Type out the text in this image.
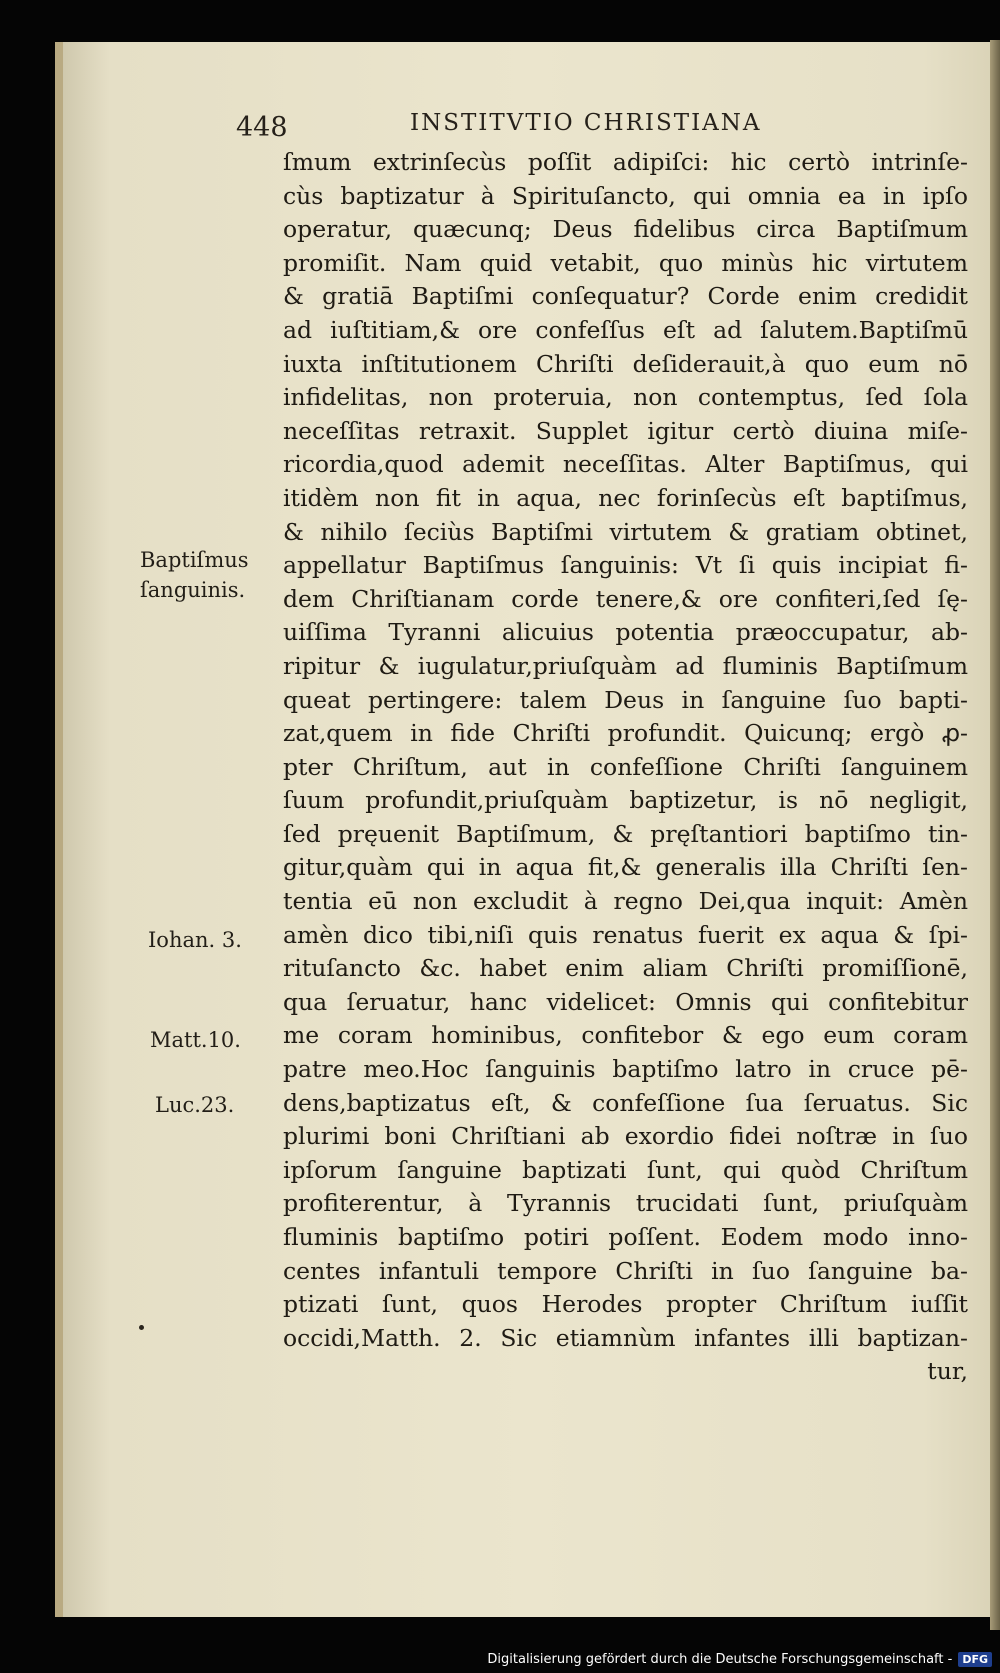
448	INSTITVTIO CHRISTIANA
ſmum extrinſecùs poſſit adipiſci: hic certò intrinſe-
cùs baptizatur à Spirituſancto, qui omnia ea in ipſo
operatur, quæcunq; Deus fidelibus circa Baptiſmum
promiſit. Nam quid vetabit, quo minùs hic virtutem
& gratiā Baptiſmi conſequatur? Corde enim credidit
ad iuſtitiam,& ore confeſſus eſt ad ſalutem.Baptiſmū
iuxta inſtitutionem Chriſti deſiderauit,à quo eum nō
infidelitas, non proteruia, non contemptus, ſed ſola
neceſſitas retraxit. Supplet igitur certò diuina miſe-
ricordia,quod ademit neceſſitas. Alter Baptiſmus, qui
itidèm non fit in aqua, nec forinſecùs eſt baptiſmus,
& nihilo ſeciùs Baptiſmi virtutem & gratiam obtinet,
appellatur Baptiſmus ſanguinis: Vt ſi quis incipiat fi-
dem Chriſtianam corde tenere,& ore confiteri,ſed ſę-
uiſſima Tyranni alicuius potentia præoccupatur, ab-
ripitur & iugulatur,priuſquàm ad fluminis Baptiſmum
queat pertingere: talem Deus in ſanguine ſuo bapti-
zat,quem in fide Chriſti profundit. Quicunq; ergò ꝓ-
pter Chriſtum, aut in confeſſione Chriſti ſanguinem
ſuum profundit,priuſquàm baptizetur, is nō negligit,
ſed pręuenit Baptiſmum, & pręſtantiori baptiſmo tin-
gitur,quàm qui in aqua fit,& generalis illa Chriſti ſen-
tentia eū non excludit à regno Dei,qua inquit: Amèn
amèn dico tibi,niſi quis renatus fuerit ex aqua & ſpi-
rituſancto &c. habet enim aliam Chriſti promiſſionē,
qua ſeruatur, hanc videlicet: Omnis qui confitebitur
me coram hominibus, confitebor & ego eum coram
patre meo.Hoc ſanguinis baptiſmo latro in cruce pē-
dens,baptizatus eſt, & confeſſione ſua ſeruatus. Sic
plurimi boni Chriſtiani ab exordio fidei noſtræ in ſuo
ipſorum ſanguine baptizati ſunt, qui quòd Chriſtum
profiterentur, à Tyrannis trucidati ſunt, priuſquàm
fluminis baptiſmo potiri poſſent. Eodem modo inno-
centes infantuli tempore Chriſti in ſuo ſanguine ba-
ptizati ſunt, quos Herodes propter Chriſtum iuſſit
occidi,Matth. 2. Sic etiamnùm infantes illi baptizan-
tur,
Baptiſmus
ſanguinis.
Iohan. 3.
Matt.10.
Luc.23.
Digitalisierung gefördert durch die Deutsche Forschungsgemeinschaft - DFG
